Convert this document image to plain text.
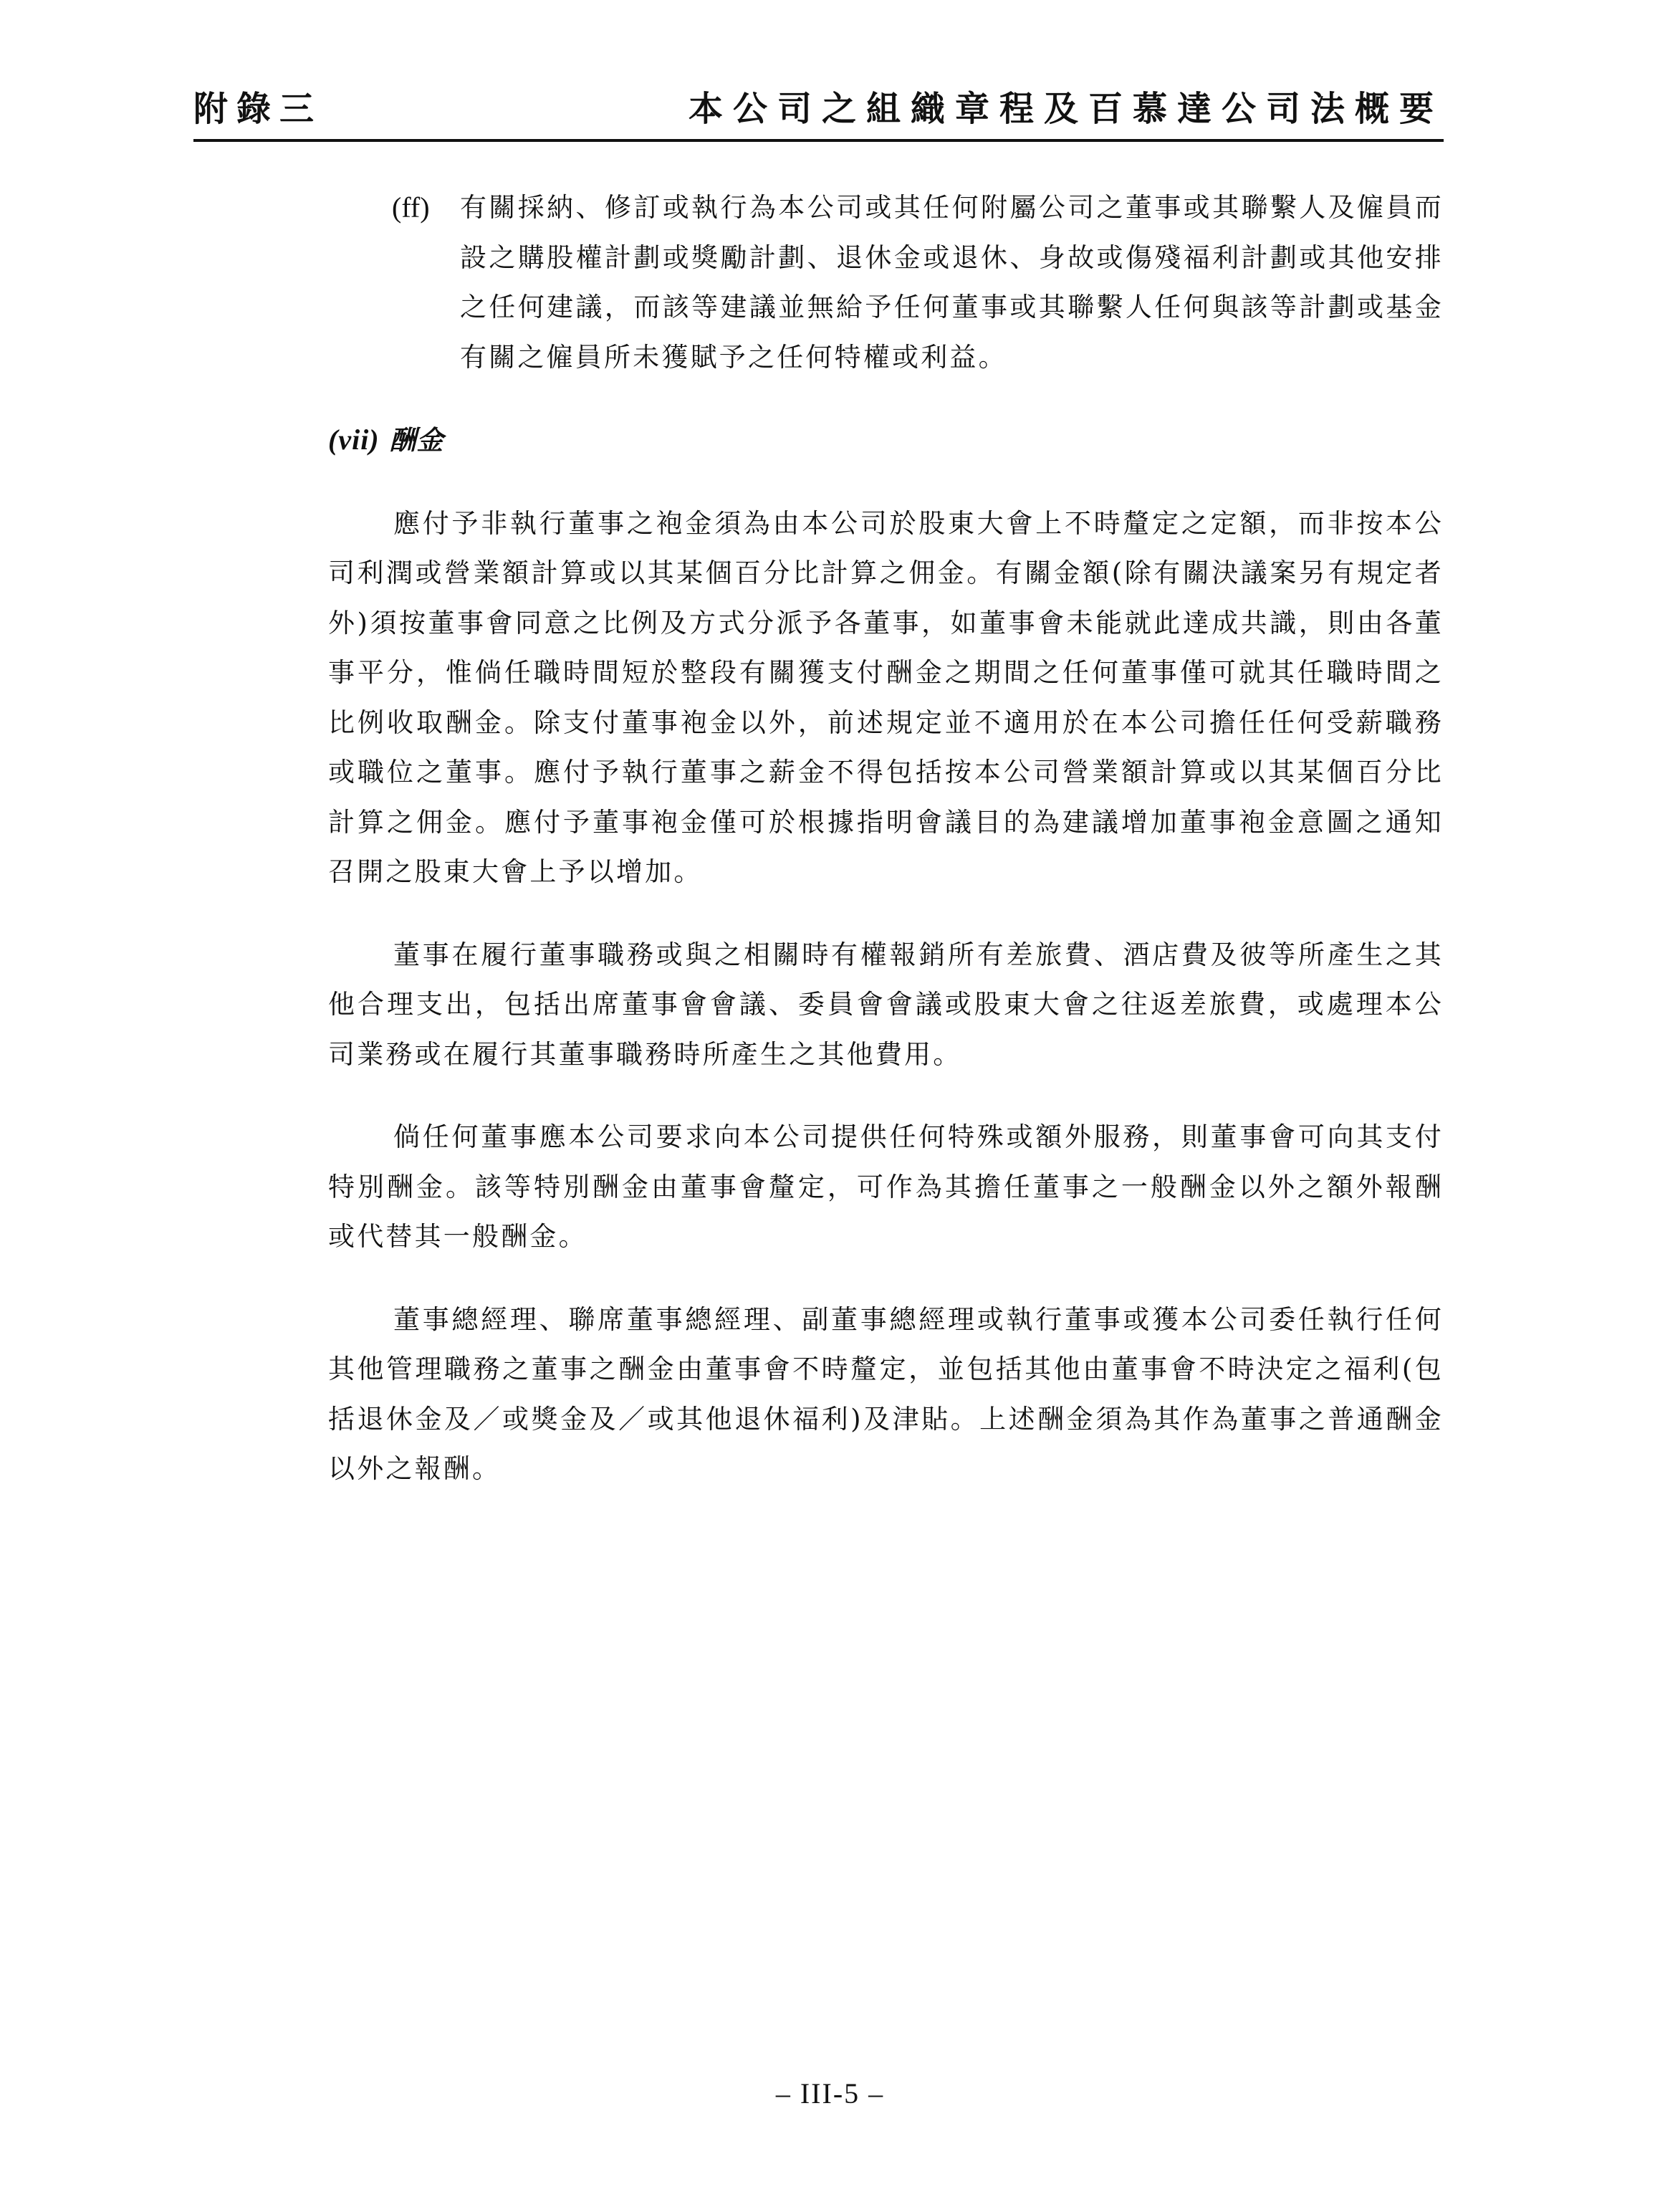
附錄三	本公司之組織章程及百慕達公司法概要
(ff) 有關採納、修訂或執行為本公司或其任何附屬公司之董事或其聯繫人及僱員而設之購股權計劃或獎勵計劃、退休金或退休、身故或傷殘福利計劃或其他安排之任何建議，而該等建議並無給予任何董事或其聯繫人任何與該等計劃或基金有關之僱員所未獲賦予之任何特權或利益。
(vii) 酬金

應付予非執行董事之袍金須為由本公司於股東大會上不時釐定之定額，而非按本公司利潤或營業額計算或以其某個百分比計算之佣金。有關金額(除有關決議案另有規定者外)須按董事會同意之比例及方式分派予各董事，如董事會未能就此達成共識，則由各董事平分，惟倘任職時間短於整段有關獲支付酬金之期間之任何董事僅可就其任職時間之比例收取酬金。除支付董事袍金以外，前述規定並不適用於在本公司擔任任何受薪職務或職位之董事。應付予執行董事之薪金不得包括按本公司營業額計算或以其某個百分比計算之佣金。應付予董事袍金僅可於根據指明會議目的為建議增加董事袍金意圖之通知召開之股東大會上予以增加。

董事在履行董事職務或與之相關時有權報銷所有差旅費、酒店費及彼等所產生之其他合理支出，包括出席董事會會議、委員會會議或股東大會之往返差旅費，或處理本公司業務或在履行其董事職務時所產生之其他費用。

倘任何董事應本公司要求向本公司提供任何特殊或額外服務，則董事會可向其支付特別酬金。該等特別酬金由董事會釐定，可作為其擔任董事之一般酬金以外之額外報酬或代替其一般酬金。

董事總經理、聯席董事總經理、副董事總經理或執行董事或獲本公司委任執行任何其他管理職務之董事之酬金由董事會不時釐定，並包括其他由董事會不時決定之福利(包括退休金及／或獎金及／或其他退休福利)及津貼。上述酬金須為其作為董事之普通酬金以外之報酬。

– III-5 –
